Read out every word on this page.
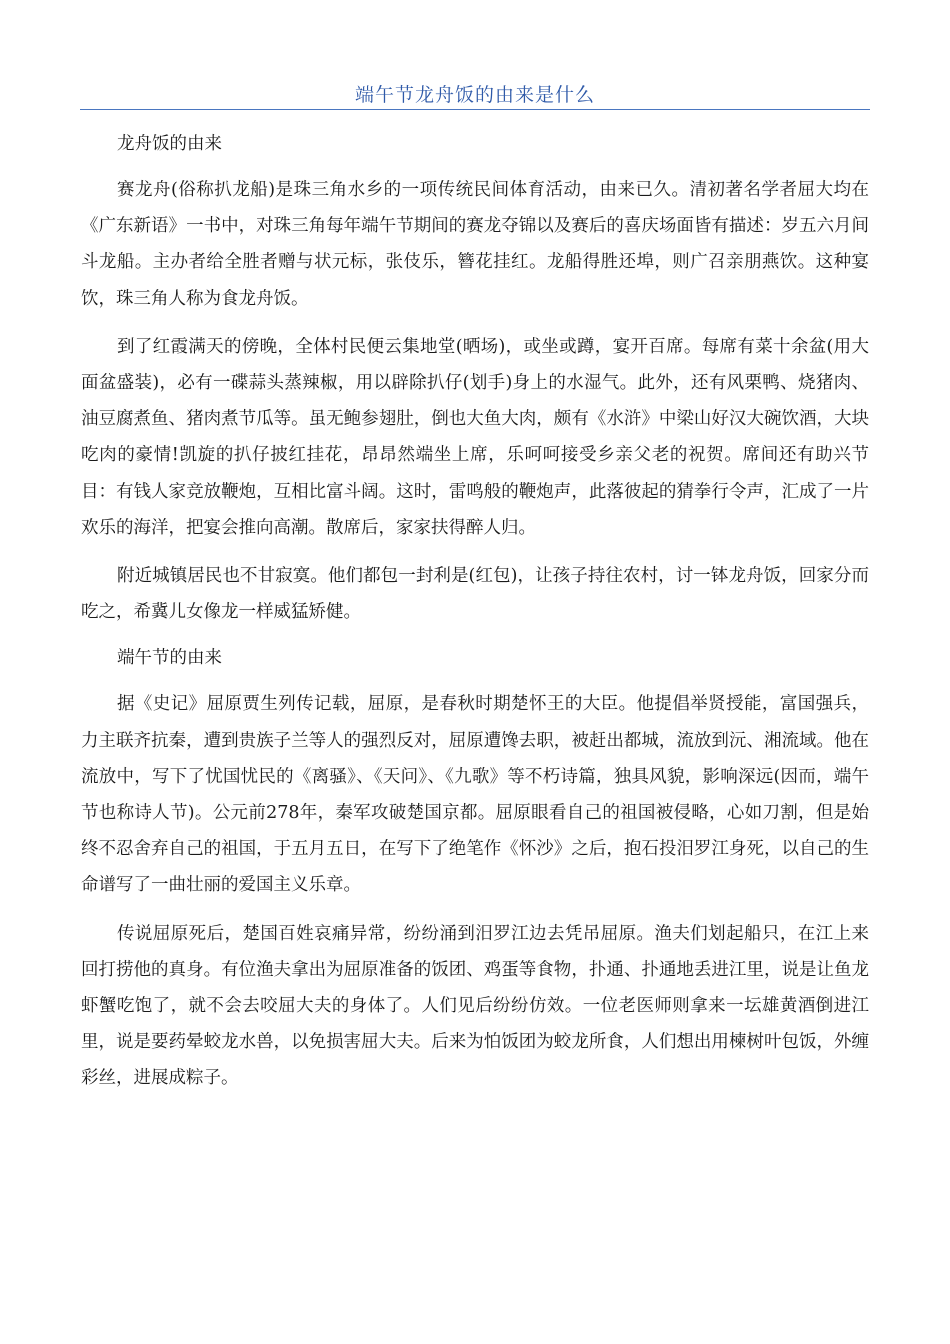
端午节龙舟饭的由来是什么

龙舟饭的由来

赛龙舟(俗称扒龙船)是珠三角水乡的一项传统民间体育活动，由来已久。清初著名学者屈大均在《广东新语》一书中，对珠三角每年端午节期间的赛龙夺锦以及赛后的喜庆场面皆有描述：岁五六月间斗龙船。主办者给全胜者赠与状元标，张伎乐，簪花挂红。龙船得胜还埠，则广召亲朋燕饮。这种宴饮，珠三角人称为食龙舟饭。

到了红霞满天的傍晚，全体村民便云集地堂(晒场)，或坐或蹲，宴开百席。每席有菜十余盆(用大面盆盛装)，必有一碟蒜头蒸辣椒，用以辟除扒仔(划手)身上的水湿气。此外，还有风栗鸭、烧猪肉、油豆腐煮鱼、猪肉煮节瓜等。虽无鲍参翅肚，倒也大鱼大肉，颇有《水浒》中梁山好汉大碗饮酒，大块吃肉的豪情!凯旋的扒仔披红挂花，昂昂然端坐上席，乐呵呵接受乡亲父老的祝贺。席间还有助兴节目：有钱人家竞放鞭炮，互相比富斗阔。这时，雷鸣般的鞭炮声，此落彼起的猜拳行令声，汇成了一片欢乐的海洋，把宴会推向高潮。散席后，家家扶得醉人归。

附近城镇居民也不甘寂寞。他们都包一封利是(红包)，让孩子持往农村，讨一钵龙舟饭，回家分而吃之，希冀儿女像龙一样威猛矫健。

端午节的由来

据《史记》屈原贾生列传记载，屈原，是春秋时期楚怀王的大臣。他提倡举贤授能，富国强兵，力主联齐抗秦，遭到贵族子兰等人的强烈反对，屈原遭馋去职，被赶出都城，流放到沅、湘流域。他在流放中，写下了忧国忧民的《离骚》、《天问》、《九歌》等不朽诗篇，独具风貌，影响深远(因而，端午节也称诗人节)。公元前278年，秦军攻破楚国京都。屈原眼看自己的祖国被侵略，心如刀割，但是始终不忍舍弃自己的祖国，于五月五日，在写下了绝笔作《怀沙》之后，抱石投汨罗江身死，以自己的生命谱写了一曲壮丽的爱国主义乐章。

传说屈原死后，楚国百姓哀痛异常，纷纷涌到汨罗江边去凭吊屈原。渔夫们划起船只，在江上来回打捞他的真身。有位渔夫拿出为屈原准备的饭团、鸡蛋等食物，扑通、扑通地丢进江里，说是让鱼龙虾蟹吃饱了，就不会去咬屈大夫的身体了。人们见后纷纷仿效。一位老医师则拿来一坛雄黄酒倒进江里，说是要药晕蛟龙水兽，以免损害屈大夫。后来为怕饭团为蛟龙所食，人们想出用楝树叶包饭，外缠彩丝，进展成粽子。
